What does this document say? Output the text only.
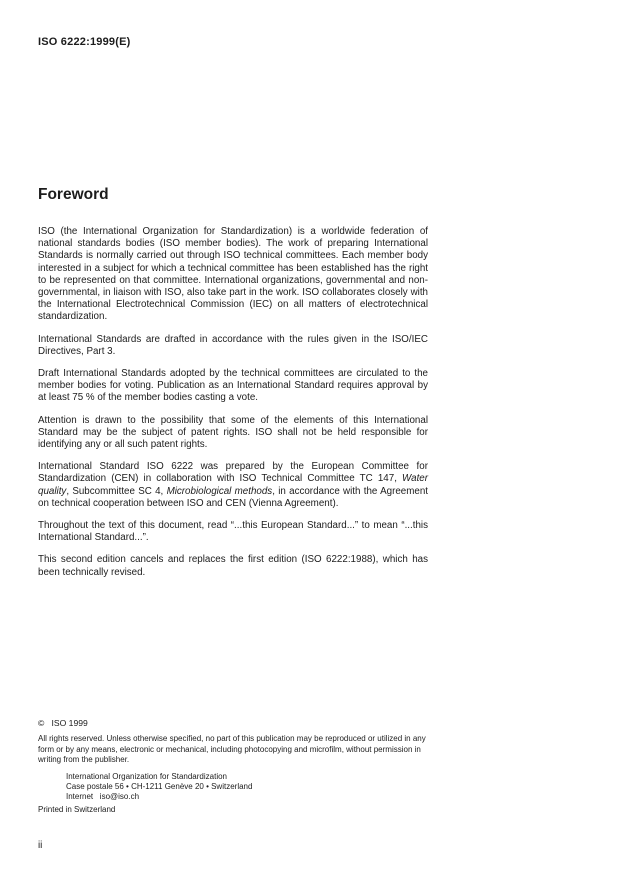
ISO 6222:1999(E)
Foreword

ISO (the International Organization for Standardization) is a worldwide federation of national standards bodies (ISO member bodies). The work of preparing International Standards is normally carried out through ISO technical committees. Each member body interested in a subject for which a technical committee has been established has the right to be represented on that committee. International organizations, governmental and non-governmental, in liaison with ISO, also take part in the work. ISO collaborates closely with the International Electrotechnical Commission (IEC) on all matters of electrotechnical standardization.

International Standards are drafted in accordance with the rules given in the ISO/IEC Directives, Part 3.

Draft International Standards adopted by the technical committees are circulated to the member bodies for voting. Publication as an International Standard requires approval by at least 75 % of the member bodies casting a vote.

Attention is drawn to the possibility that some of the elements of this International Standard may be the subject of patent rights. ISO shall not be held responsible for identifying any or all such patent rights.

International Standard ISO 6222 was prepared by the European Committee for Standardization (CEN) in collaboration with ISO Technical Committee TC 147, Water quality, Subcommittee SC 4, Microbiological methods, in accordance with the Agreement on technical cooperation between ISO and CEN (Vienna Agreement).

Throughout the text of this document, read “...this European Standard...” to mean “...this International Standard...”.

This second edition cancels and replaces the first edition (ISO 6222:1988), which has been technically revised.

©   ISO 1999
All rights reserved. Unless otherwise specified, no part of this publication may be reproduced or utilized in any form or by any means, electronic or mechanical, including photocopying and microfilm, without permission in writing from the publisher.
International Organization for Standardization
Case postale 56 • CH-1211 Genève 20 • Switzerland
Internet   iso@iso.ch
Printed in Switzerland
ii
